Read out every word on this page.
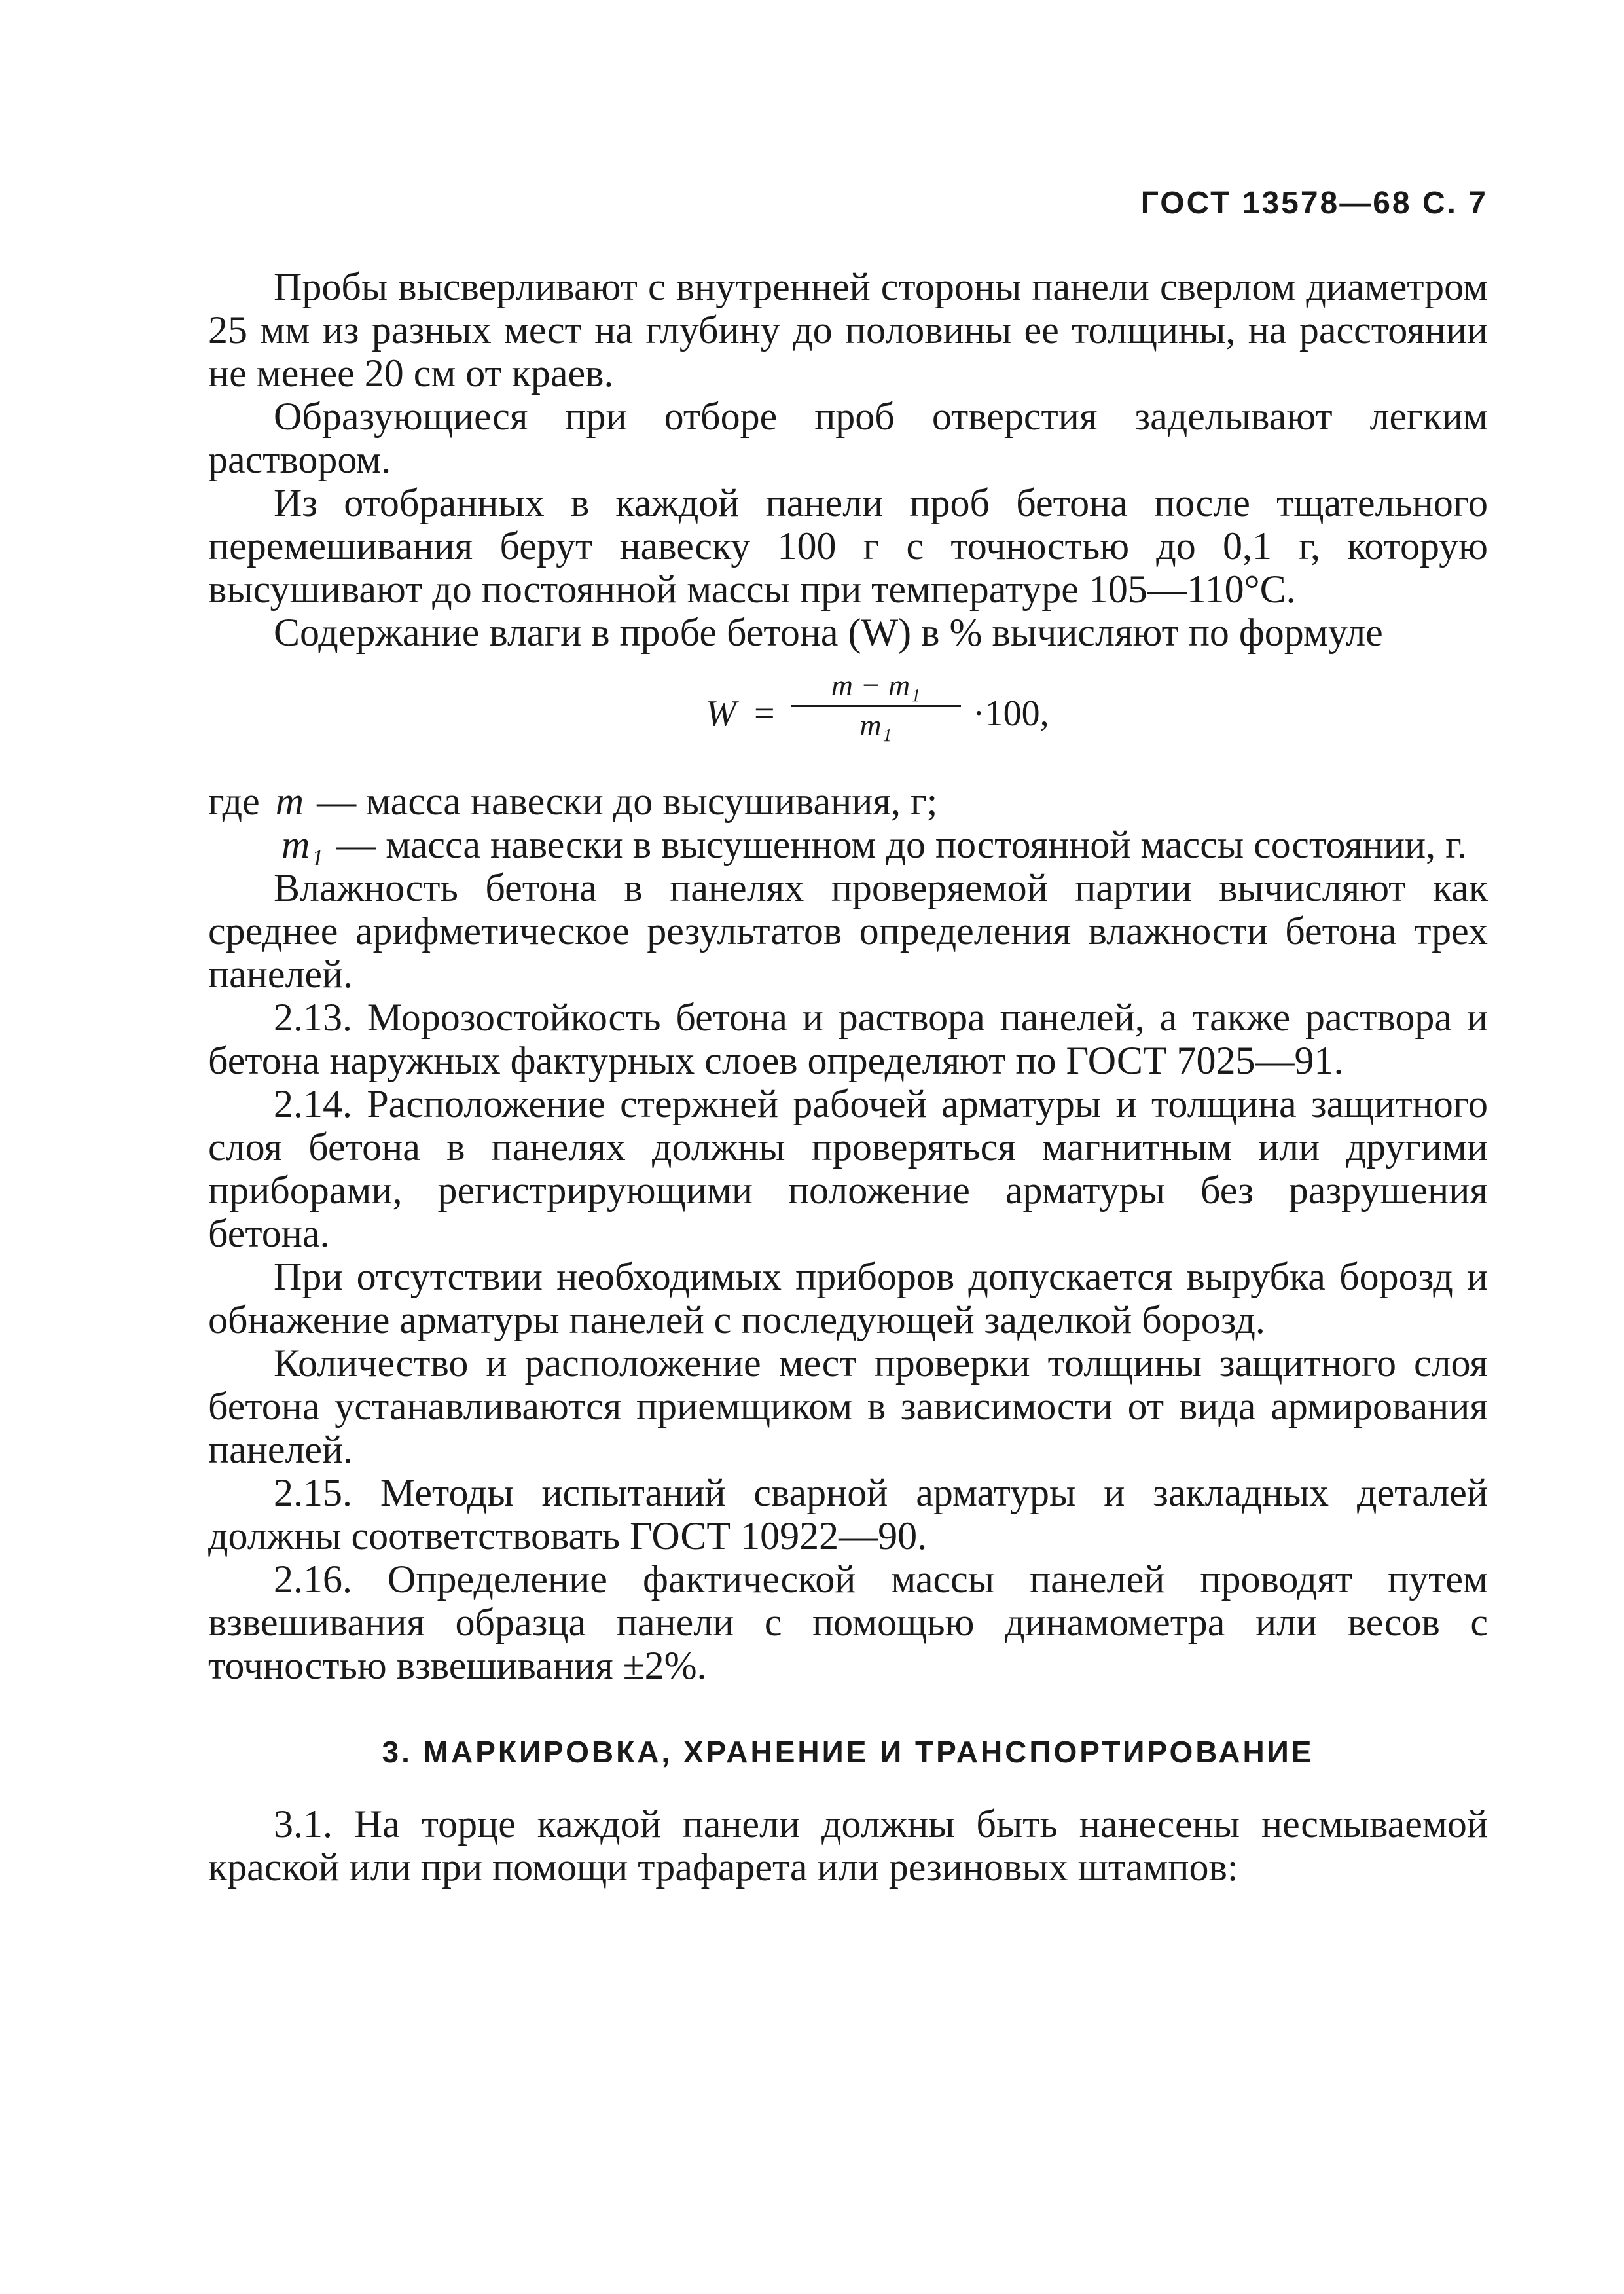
ГОСТ 13578—68 С. 7

Пробы высверливают с внутренней стороны панели сверлом диаметром 25 мм из разных мест на глубину до половины ее толщины, на расстоянии не менее 20 см от краев.

Образующиеся при отборе проб отверстия заделывают легким раствором.

Из отобранных в каждой панели проб бетона после тщательного перемешивания берут навеску 100 г с точностью до 0,1 г, которую высушивают до постоянной массы при температуре 105—110°С.

Содержание влаги в пробе бетона (W) в % вычисляют по формуле

$W = \frac{\text{m − m₁}}{\text{m₁}} \cdot 100$,
где m — масса навески до высушивания, г;
m₁ — масса навески в высушенном до постоянной массы состоянии, г.

Влажность бетона в панелях проверяемой партии вычисляют как среднее арифметическое результатов определения влажности бетона трех панелей.

2.13. Морозостойкость бетона и раствора панелей, а также раствора и бетона наружных фактурных слоев определяют по ГОСТ 7025—91.

2.14. Расположение стержней рабочей арматуры и толщина защитного слоя бетона в панелях должны проверяться магнитным или другими приборами, регистрирующими положение арматуры без разрушения бетона.

При отсутствии необходимых приборов допускается вырубка борозд и обнажение арматуры панелей с последующей заделкой борозд.

Количество и расположение мест проверки толщины защитного слоя бетона устанавливаются приемщиком в зависимости от вида армирования панелей.

2.15. Методы испытаний сварной арматуры и закладных деталей должны соответствовать ГОСТ 10922—90.

2.16. Определение фактической массы панелей проводят путем взвешивания образца панели с помощью динамометра или весов с точностью взвешивания ±2%.

3. МАРКИРОВКА, ХРАНЕНИЕ И ТРАНСПОРТИРОВАНИЕ

3.1. На торце каждой панели должны быть нанесены несмываемой краской или при помощи трафарета или резиновых штампов:
